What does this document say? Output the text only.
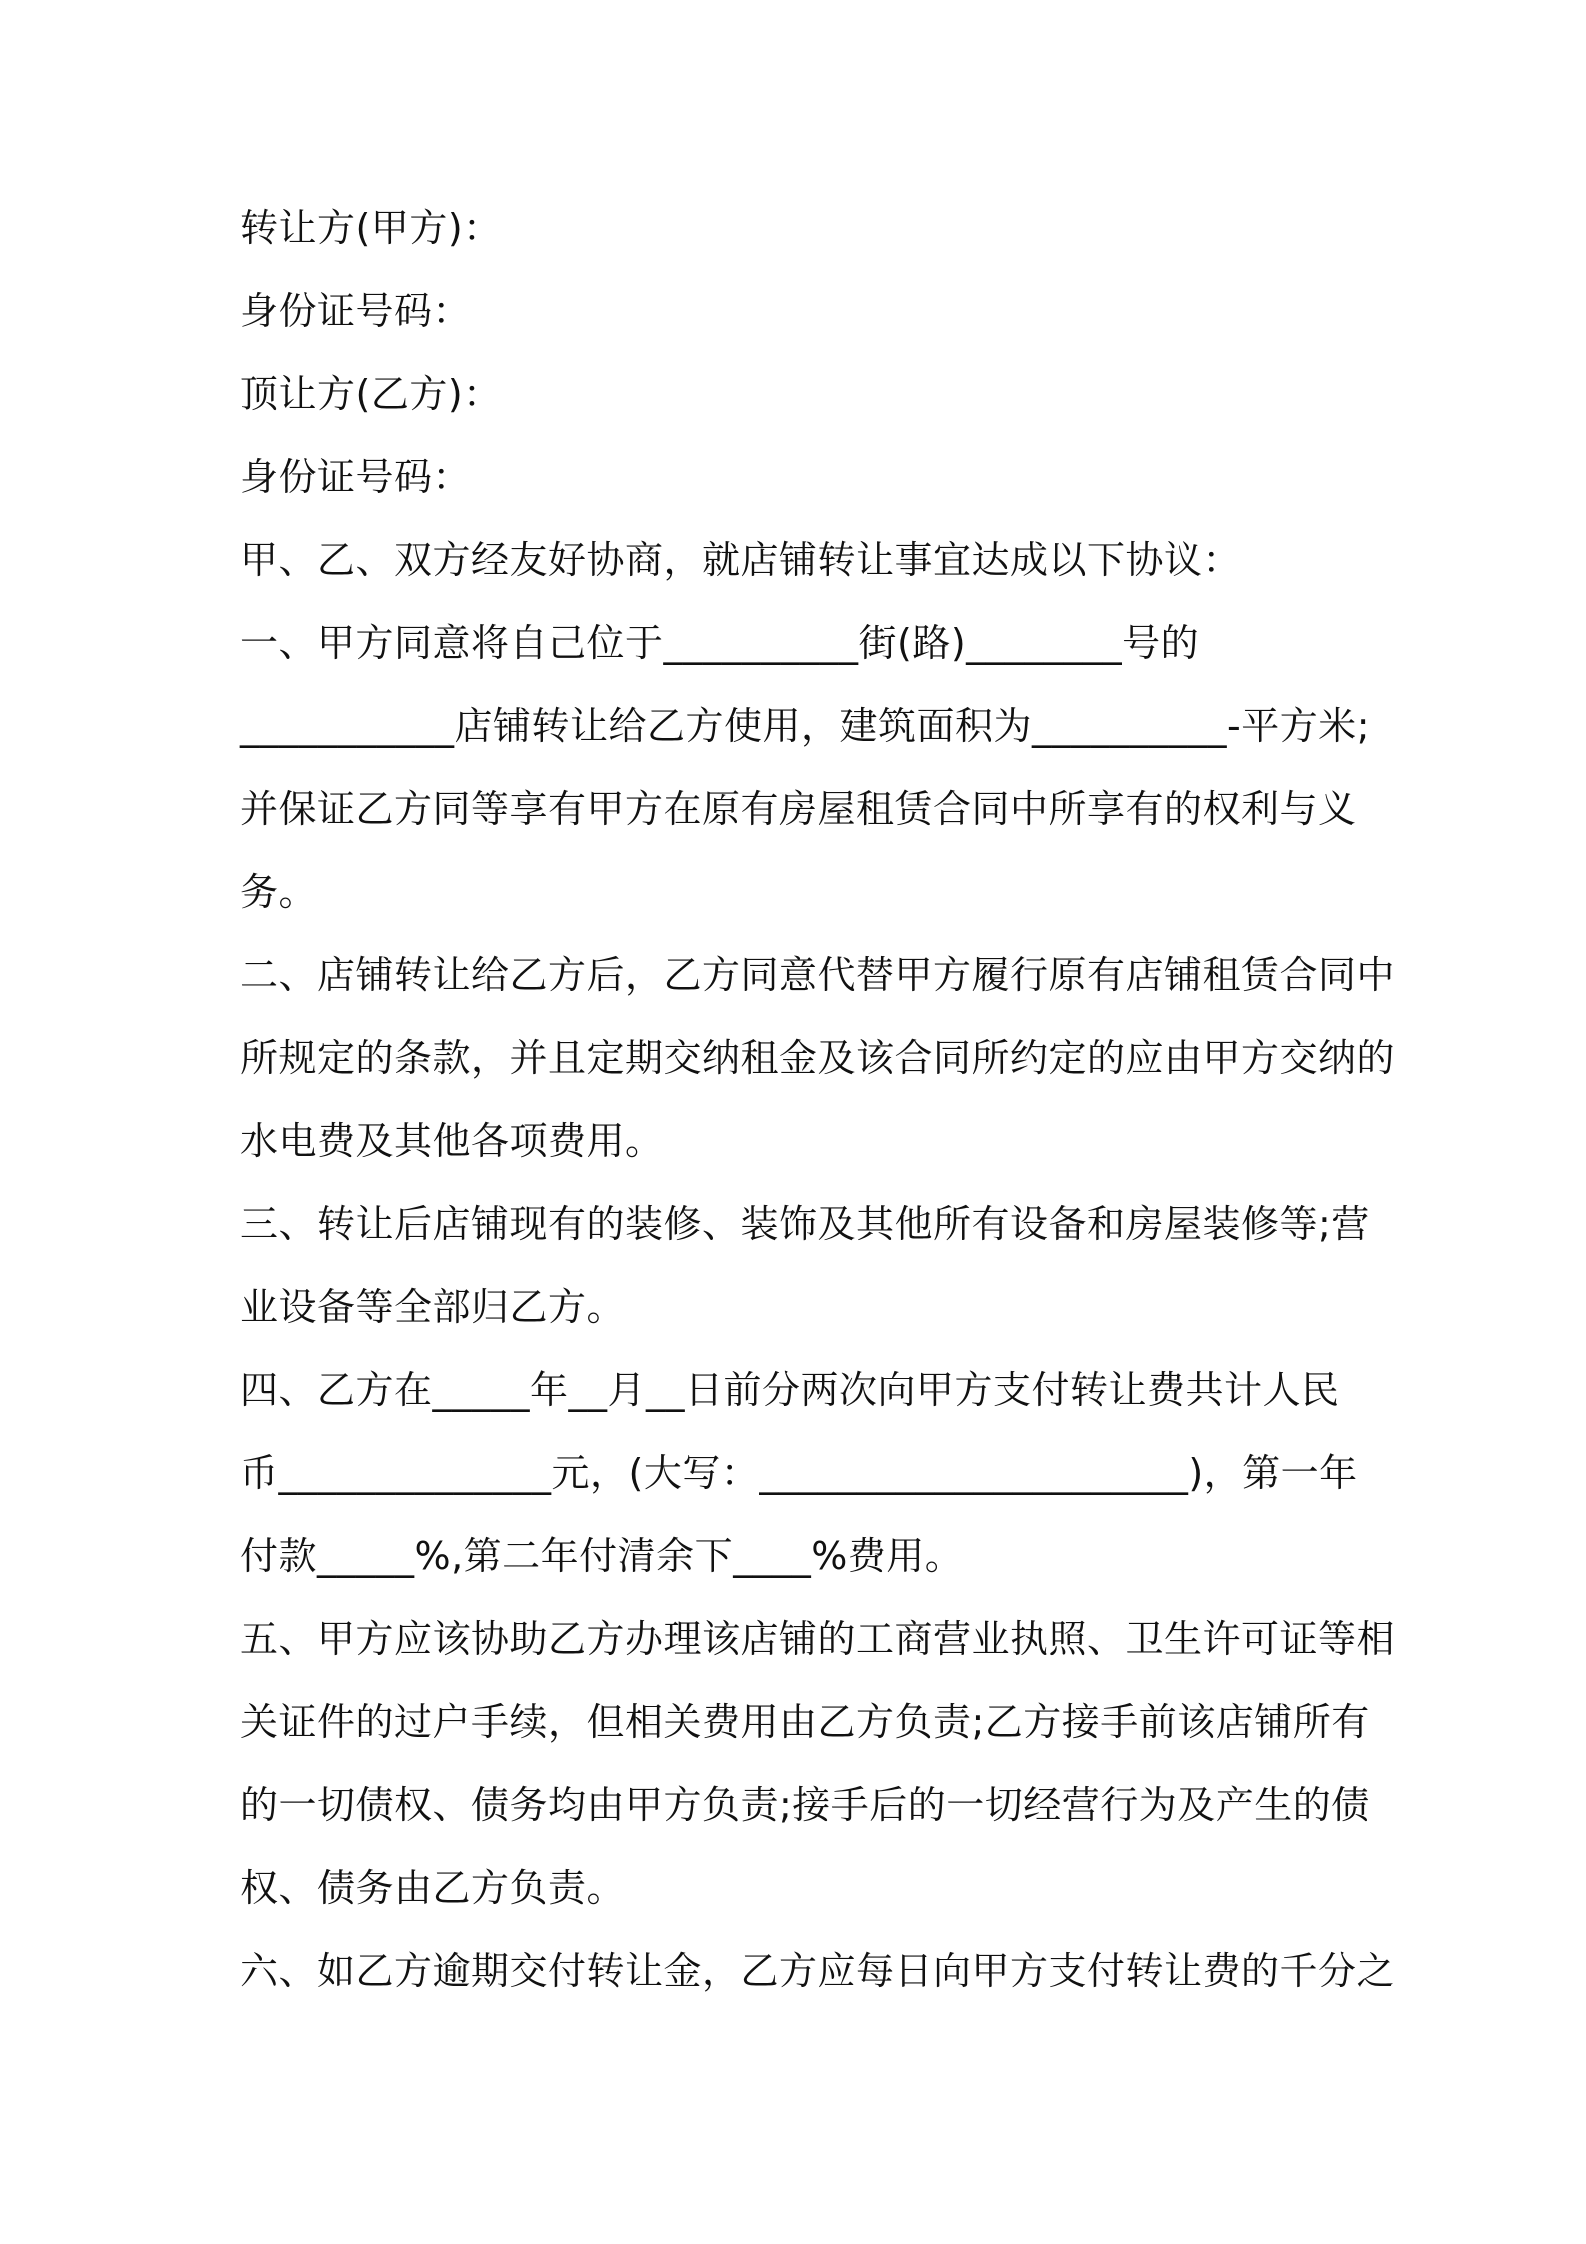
转让方(甲方)：
身份证号码：
顶让方(乙方)：
身份证号码：
甲、乙、双方经友好协商，就店铺转让事宜达成以下协议：
一、甲方同意将自己位于__________街(路)________号的
___________店铺转让给乙方使用，建筑面积为__________-平方米;
并保证乙方同等享有甲方在原有房屋租赁合同中所享有的权利与义
务。
二、店铺转让给乙方后，乙方同意代替甲方履行原有店铺租赁合同中
所规定的条款，并且定期交纳租金及该合同所约定的应由甲方交纳的
水电费及其他各项费用。
三、转让后店铺现有的装修、装饰及其他所有设备和房屋装修等;营
业设备等全部归乙方。
四、乙方在_____年__月__日前分两次向甲方支付转让费共计人民
币______________元，(大写：______________________)，第一年
付款_____%,第二年付清余下____%费用。
五、甲方应该协助乙方办理该店铺的工商营业执照、卫生许可证等相
关证件的过户手续，但相关费用由乙方负责;乙方接手前该店铺所有
的一切债权、债务均由甲方负责;接手后的一切经营行为及产生的债
权、债务由乙方负责。
六、如乙方逾期交付转让金，乙方应每日向甲方支付转让费的千分之
